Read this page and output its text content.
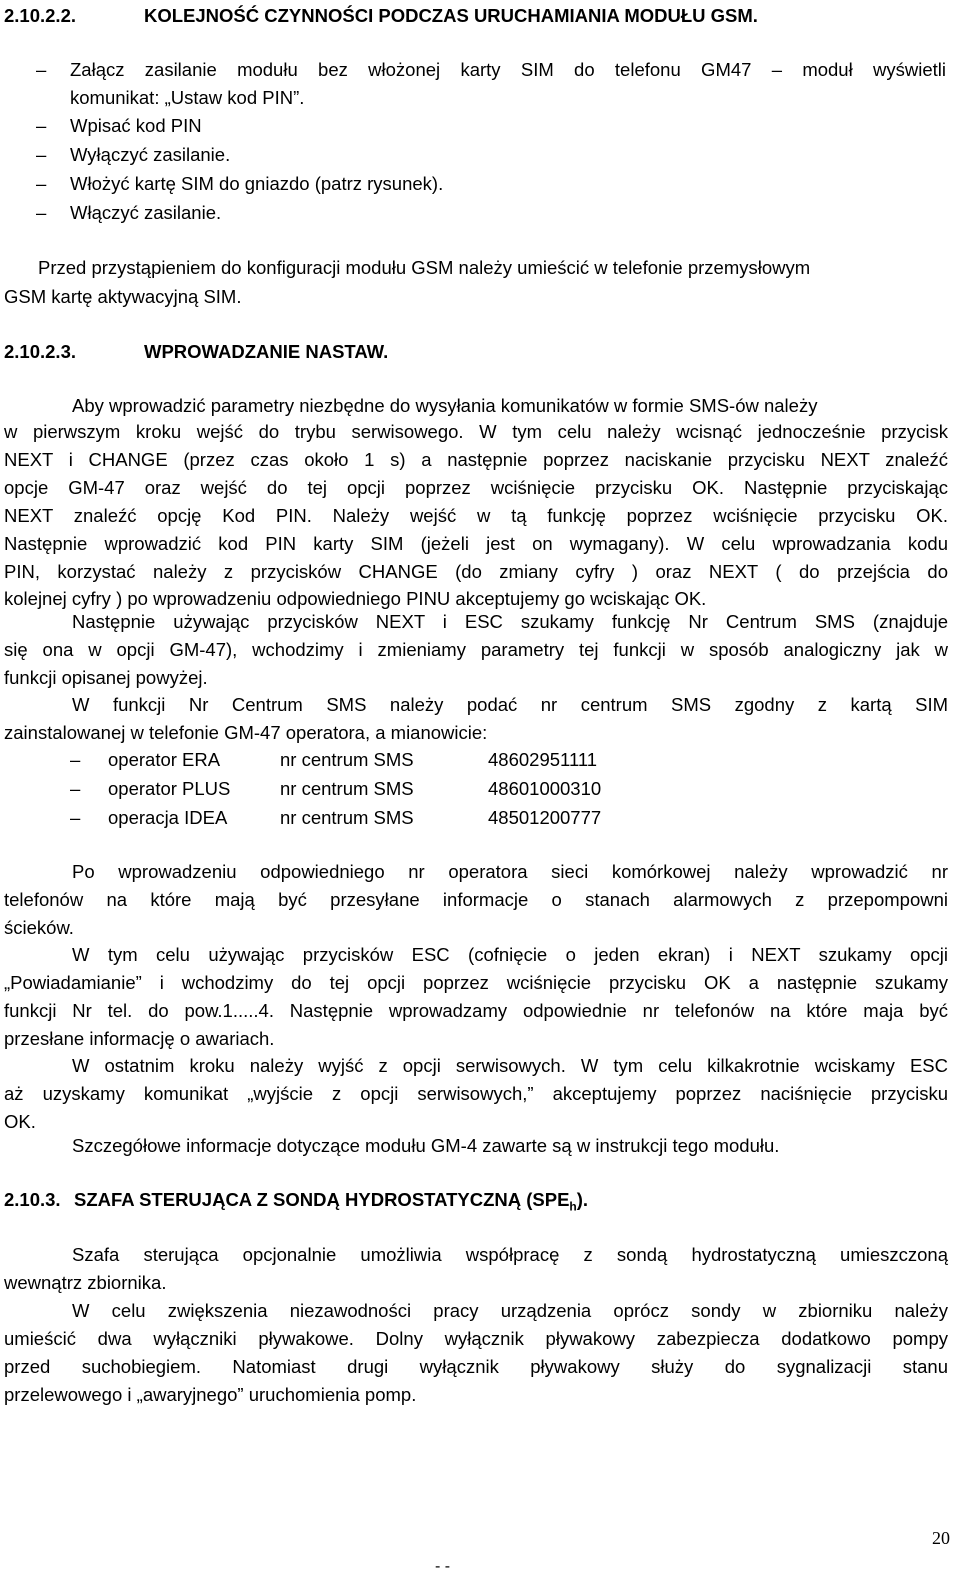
2.10.2.2.	KOLEJNOŚĆ CZYNNOŚCI PODCZAS URUCHAMIANIA MODUŁU GSM.
– Załącz zasilanie modułu bez włożonej karty SIM do telefonu GM47 – moduł wyświetli
komunikat: „Ustaw kod PIN”.
– Wpisać kod PIN
– Wyłączyć zasilanie.
– Włożyć kartę SIM do gniazdo (patrz rysunek).
– Włączyć zasilanie.
Przed przystąpieniem do konfiguracji modułu GSM należy umieścić w telefonie przemysłowym
GSM kartę aktywacyjną SIM.
2.10.2.3.	WPROWADZANIE NASTAW.
Aby wprowadzić parametry niezbędne do wysyłania komunikatów w formie SMS-ów należy
w pierwszym kroku wejść do trybu serwisowego. W tym celu należy wcisnąć jednocześnie przycisk
NEXT i CHANGE (przez czas około 1 s) a następnie poprzez naciskanie przycisku NEXT znaleźć
opcje GM-47 oraz wejść do tej opcji poprzez wciśnięcie przycisku OK. Następnie przyciskając
NEXT znaleźć opcję Kod PIN. Należy wejść w tą funkcję poprzez wciśnięcie przycisku OK.
Następnie wprowadzić kod PIN karty SIM (jeżeli jest on wymagany). W celu wprowadzania kodu
PIN, korzystać należy z przycisków CHANGE (do zmiany cyfry ) oraz NEXT ( do przejścia do
kolejnej cyfry ) po wprowadzeniu odpowiedniego PINU akceptujemy go wciskając OK.
Następnie używając przycisków NEXT i ESC szukamy funkcję Nr Centrum SMS (znajduje
się ona w opcji GM-47), wchodzimy i zmieniamy parametry tej funkcji w sposób analogiczny jak w
funkcji opisanej powyżej.
W funkcji Nr Centrum SMS należy podać nr centrum SMS zgodny z kartą SIM
zainstalowanej w telefonie GM-47 operatora, a mianowicie:
– operator ERA	nr centrum SMS	48602951111
– operator PLUS	nr centrum SMS	48601000310
– operacja IDEA	nr centrum SMS	48501200777
Po wprowadzeniu odpowiedniego nr operatora sieci komórkowej należy wprowadzić nr
telefonów na które mają być przesyłane informacje o stanach alarmowych z przepompowni
ścieków.
W tym celu używając przycisków ESC (cofnięcie o jeden ekran) i NEXT szukamy opcji
„Powiadamianie” i wchodzimy do tej opcji poprzez wciśnięcie przycisku OK a następnie szukamy
funkcji Nr tel. do pow.1.....4. Następnie wprowadzamy odpowiednie nr telefonów na które maja być
przesłane informację o awariach.
W ostatnim kroku należy wyjść z opcji serwisowych. W tym celu kilkakrotnie wciskamy ESC
aż uzyskamy komunikat „wyjście z opcji serwisowych,” akceptujemy poprzez naciśnięcie przycisku
OK.
Szczegółowe informacje dotyczące modułu GM-4 zawarte są w instrukcji tego modułu.
2.10.3. SZAFA STERUJĄCA Z SONDĄ HYDROSTATYCZNĄ $(SPE_h)$.
Szafa sterująca opcjonalnie umożliwia współpracę z sondą hydrostatyczną umieszczoną
wewnątrz zbiornika.
W celu zwiększenia niezawodności pracy urządzenia oprócz sondy w zbiorniku należy
umieścić dwa wyłączniki pływakowe. Dolny wyłącznik pływakowy zabezpiecza dodatkowo pompy
przed suchobiegiem. Natomiast drugi wyłącznik pływakowy służy do sygnalizacji stanu
przelewowego i „awaryjnego” uruchomienia pomp.
20
- -
